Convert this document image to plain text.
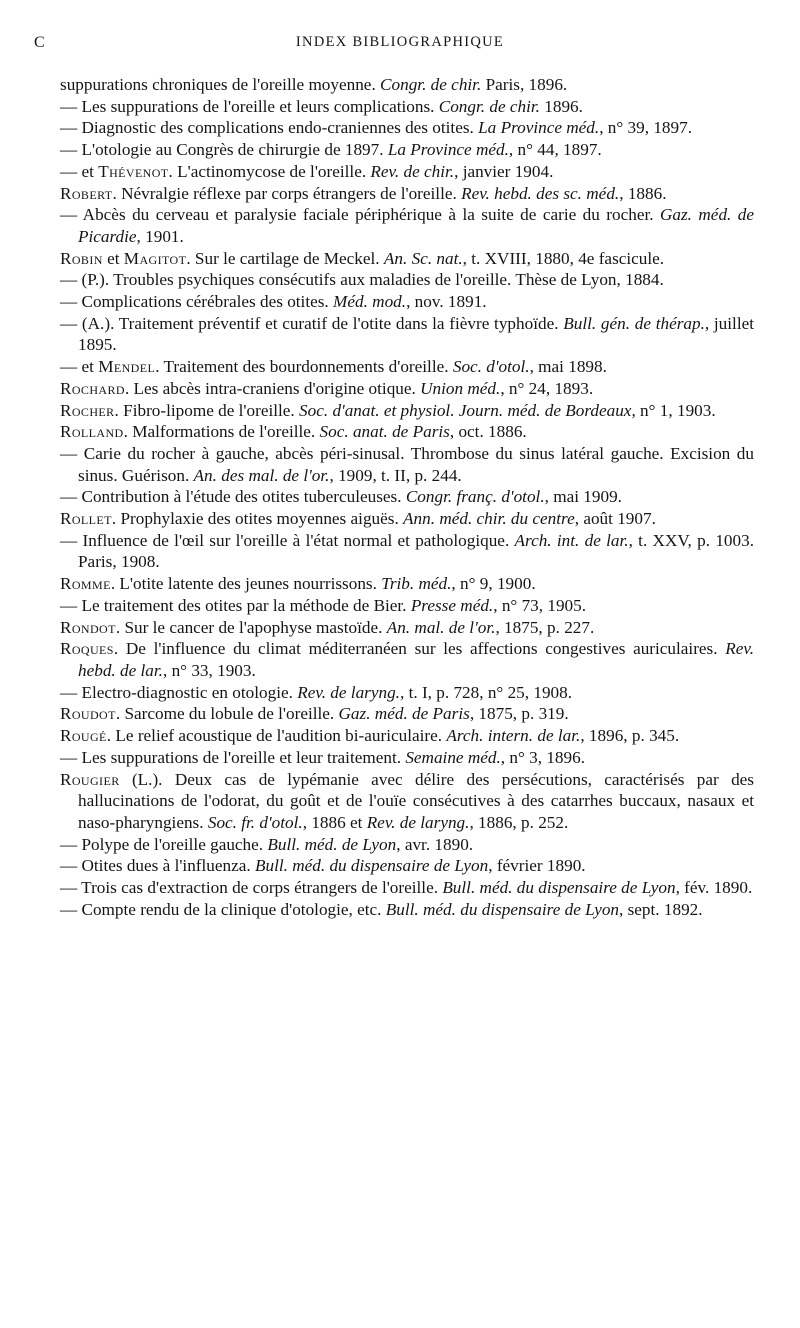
C	INDEX BIBLIOGRAPHIQUE
suppurations chroniques de l'oreille moyenne. Congr. de chir. Paris, 1896.
— Les suppurations de l'oreille et leurs complications. Congr. de chir. 1896.
— Diagnostic des complications endo-craniennes des otites. La Province méd., n° 39, 1897.
— L'otologie au Congrès de chirurgie de 1897. La Province méd., n° 44, 1897.
— et Thévenot. L'actinomycose de l'oreille. Rev. de chir., janvier 1904.
Robert. Névralgie réflexe par corps étrangers de l'oreille. Rev. hebd. des sc. méd., 1886.
— Abcès du cerveau et paralysie faciale périphérique à la suite de carie du rocher. Gaz. méd. de Picardie, 1901.
Robin et Magitot. Sur le cartilage de Meckel. An. Sc. nat., t. XVIII, 1880, 4e fascicule.
— (P.). Troubles psychiques consécutifs aux maladies de l'oreille. Thèse de Lyon, 1884.
— Complications cérébrales des otites. Méd. mod., nov. 1891.
— (A.). Traitement préventif et curatif de l'otite dans la fièvre typhoïde. Bull. gén. de thérap., juillet 1895.
— et Mendel. Traitement des bourdonnements d'oreille. Soc. d'otol., mai 1898.
Rochard. Les abcès intra-craniens d'origine otique. Union méd., n° 24, 1893.
Rocher. Fibro-lipome de l'oreille. Soc. d'anat. et physiol. Journ. méd. de Bordeaux, n° 1, 1903.
Rolland. Malformations de l'oreille. Soc. anat. de Paris, oct. 1886.
— Carie du rocher à gauche, abcès péri-sinusal. Thrombose du sinus latéral gauche. Excision du sinus. Guérison. An. des mal. de l'or., 1909, t. II, p. 244.
— Contribution à l'étude des otites tuberculeuses. Congr. franç. d'otol., mai 1909.
Rollet. Prophylaxie des otites moyennes aiguës. Ann. méd. chir. du centre, août 1907.
— Influence de l'œil sur l'oreille à l'état normal et pathologique. Arch. int. de lar., t. XXV, p. 1003. Paris, 1908.
Romme. L'otite latente des jeunes nourrissons. Trib. méd., n° 9, 1900.
— Le traitement des otites par la méthode de Bier. Presse méd., n° 73, 1905.
Rondot. Sur le cancer de l'apophyse mastoïde. An. mal. de l'or., 1875, p. 227.
Roques. De l'influence du climat méditerranéen sur les affections congestives auriculaires. Rev. hebd. de lar., n° 33, 1903.
— Electro-diagnostic en otologie. Rev. de laryng., t. I, p. 728, n° 25, 1908.
Roudot. Sarcome du lobule de l'oreille. Gaz. méd. de Paris, 1875, p. 319.
Rougé. Le relief acoustique de l'audition bi-auriculaire. Arch. intern. de lar., 1896, p. 345.
— Les suppurations de l'oreille et leur traitement. Semaine méd., n° 3, 1896.
Rougier (L.). Deux cas de lypémanie avec délire des persécutions, caractérisés par des hallucinations de l'odorat, du goût et de l'ouïe consécutives à des catarrhes buccaux, nasaux et naso-pharyngiens. Soc. fr. d'otol., 1886 et Rev. de laryng., 1886, p. 252.
— Polype de l'oreille gauche. Bull. méd. de Lyon, avr. 1890.
— Otites dues à l'influenza. Bull. méd. du dispensaire de Lyon, février 1890.
— Trois cas d'extraction de corps étrangers de l'oreille. Bull. méd. du dispensaire de Lyon, fév. 1890.
— Compte rendu de la clinique d'otologie, etc. Bull. méd. du dispensaire de Lyon, sept. 1892.
